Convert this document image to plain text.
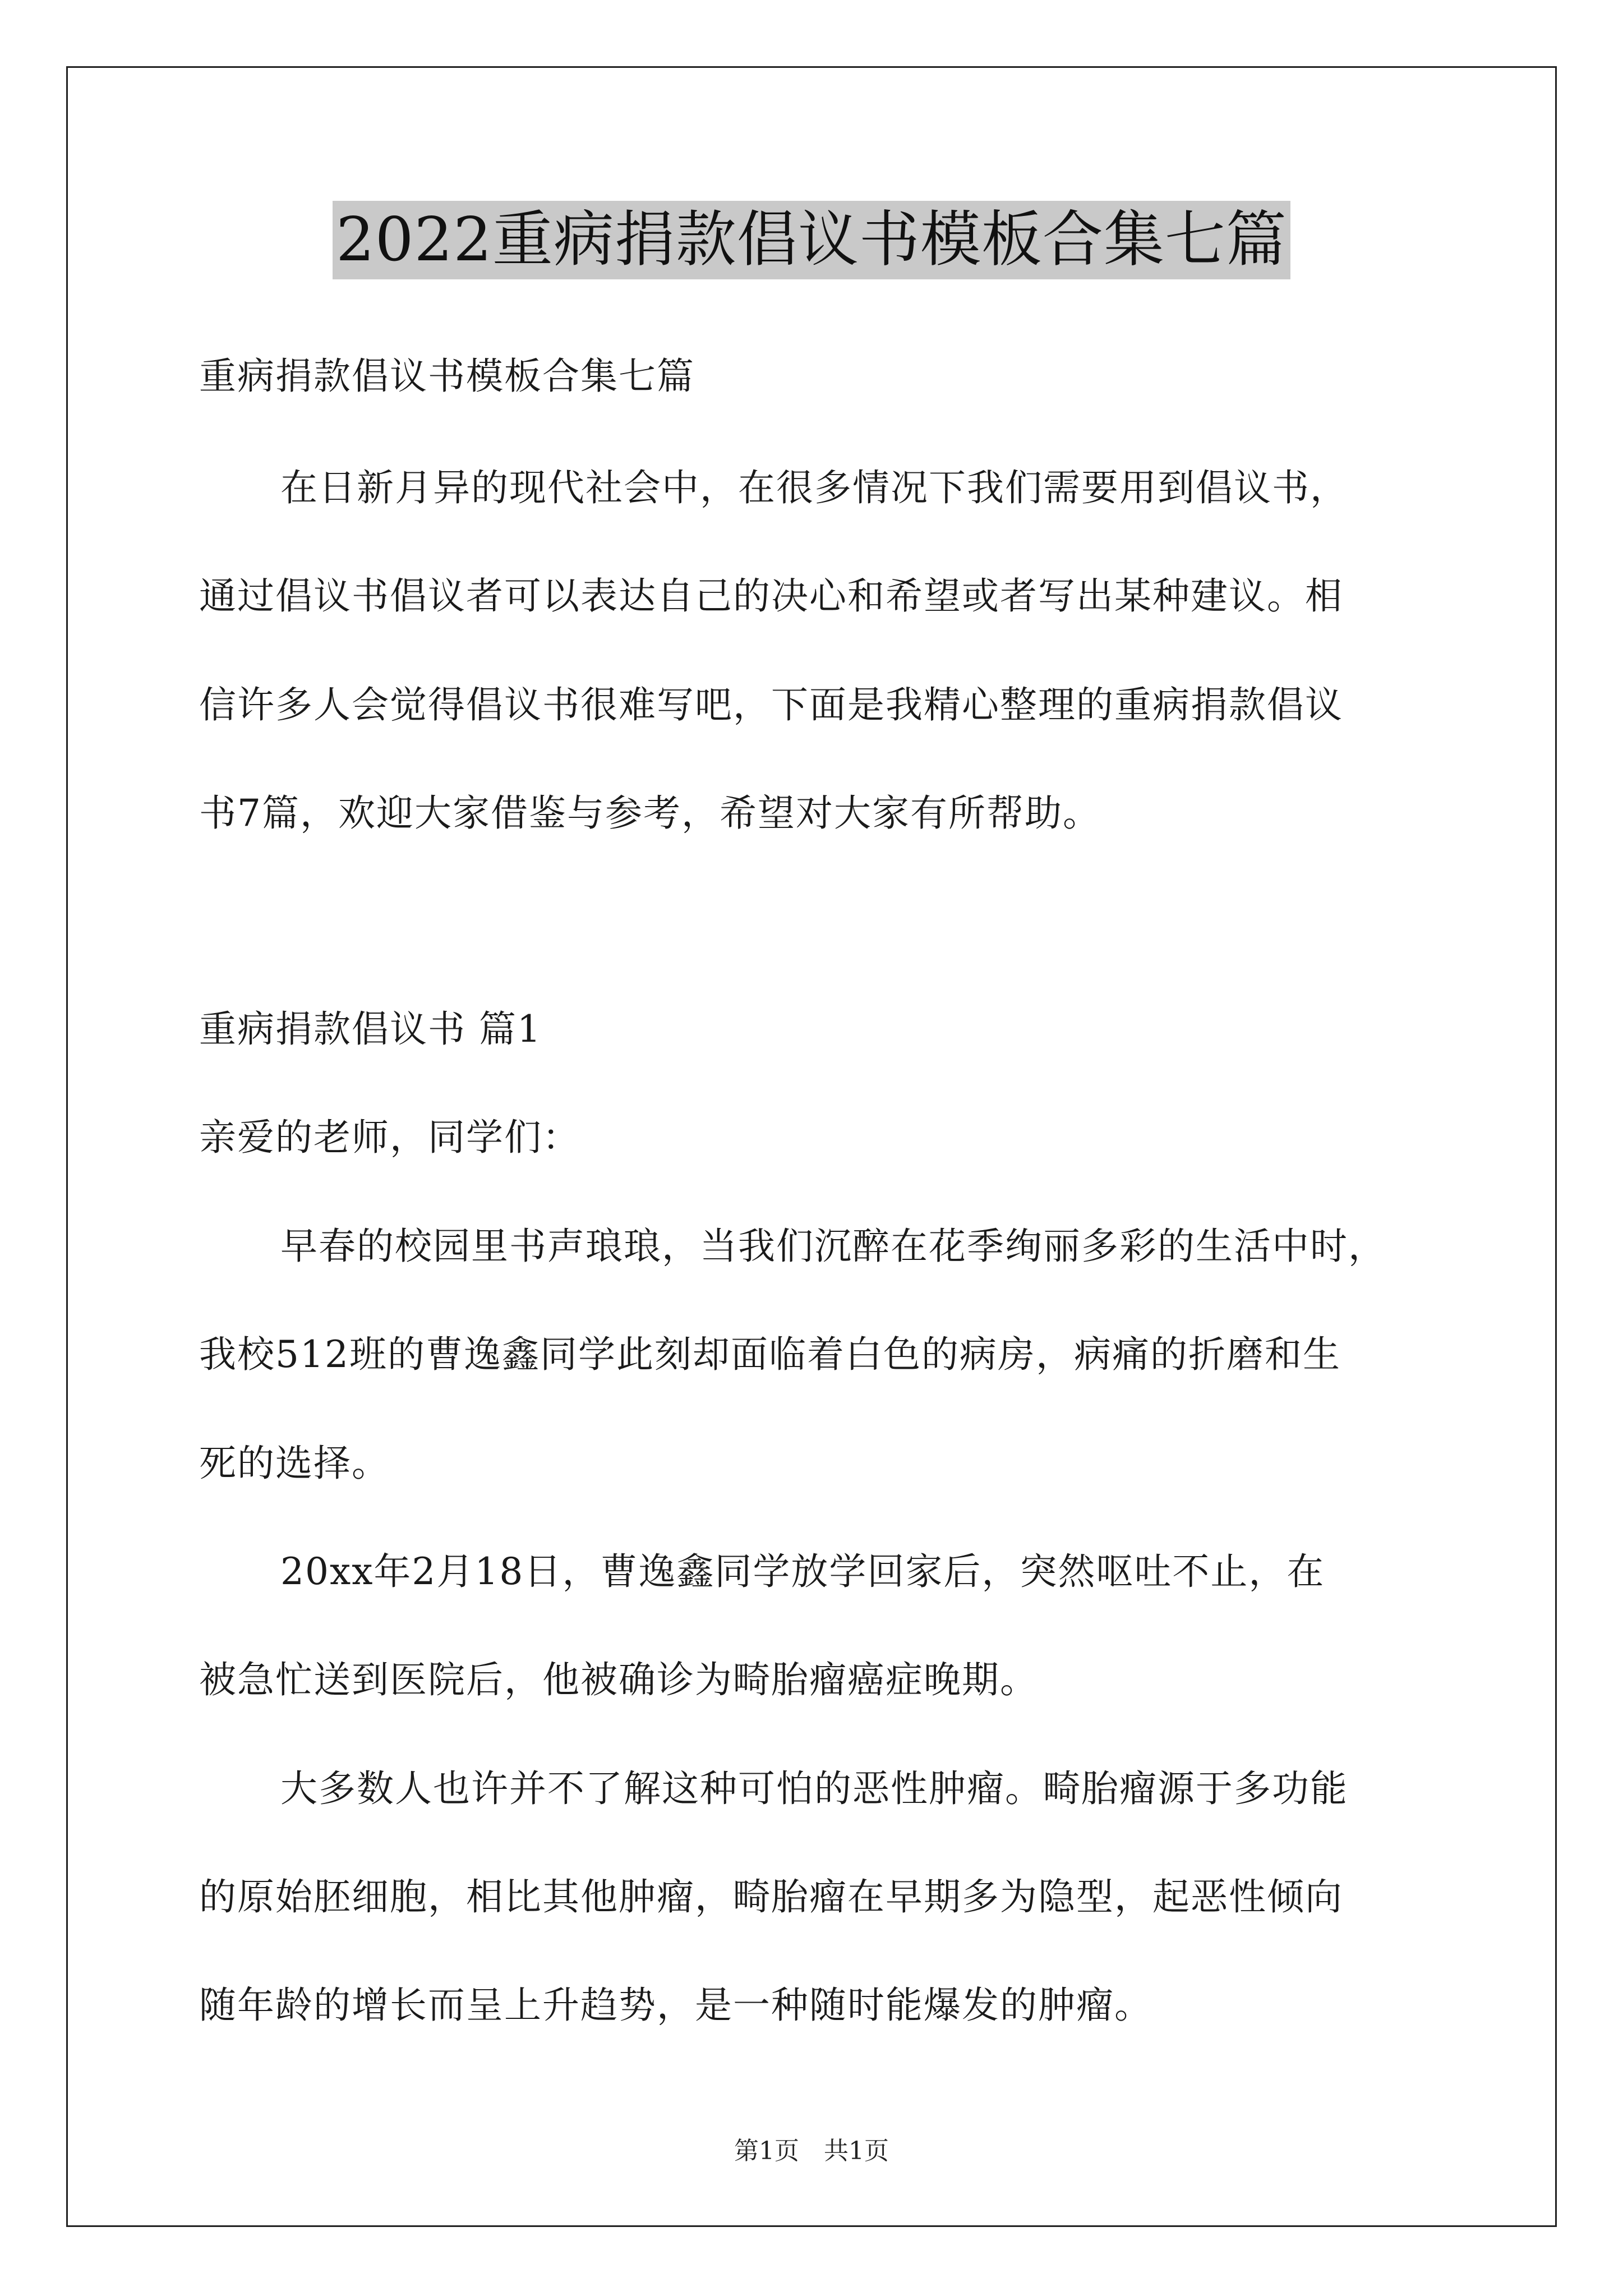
2022重病捐款倡议书模板合集七篇
重病捐款倡议书模板合集七篇
在日新月异的现代社会中，在很多情况下我们需要用到倡议书，
通过倡议书倡议者可以表达自己的决心和希望或者写出某种建议。相
信许多人会觉得倡议书很难写吧，下面是我精心整理的重病捐款倡议
书7篇，欢迎大家借鉴与参考，希望对大家有所帮助。
重病捐款倡议书 篇1
亲爱的老师，同学们：
早春的校园里书声琅琅，当我们沉醉在花季绚丽多彩的生活中时，
我校512班的曹逸鑫同学此刻却面临着白色的病房，病痛的折磨和生
死的选择。
20xx年2月18日，曹逸鑫同学放学回家后，突然呕吐不止，在
被急忙送到医院后，他被确诊为畸胎瘤癌症晚期。
大多数人也许并不了解这种可怕的恶性肿瘤。畸胎瘤源于多功能
的原始胚细胞，相比其他肿瘤，畸胎瘤在早期多为隐型，起恶性倾向
随年龄的增长而呈上升趋势，是一种随时能爆发的肿瘤。
第1页　共1页
